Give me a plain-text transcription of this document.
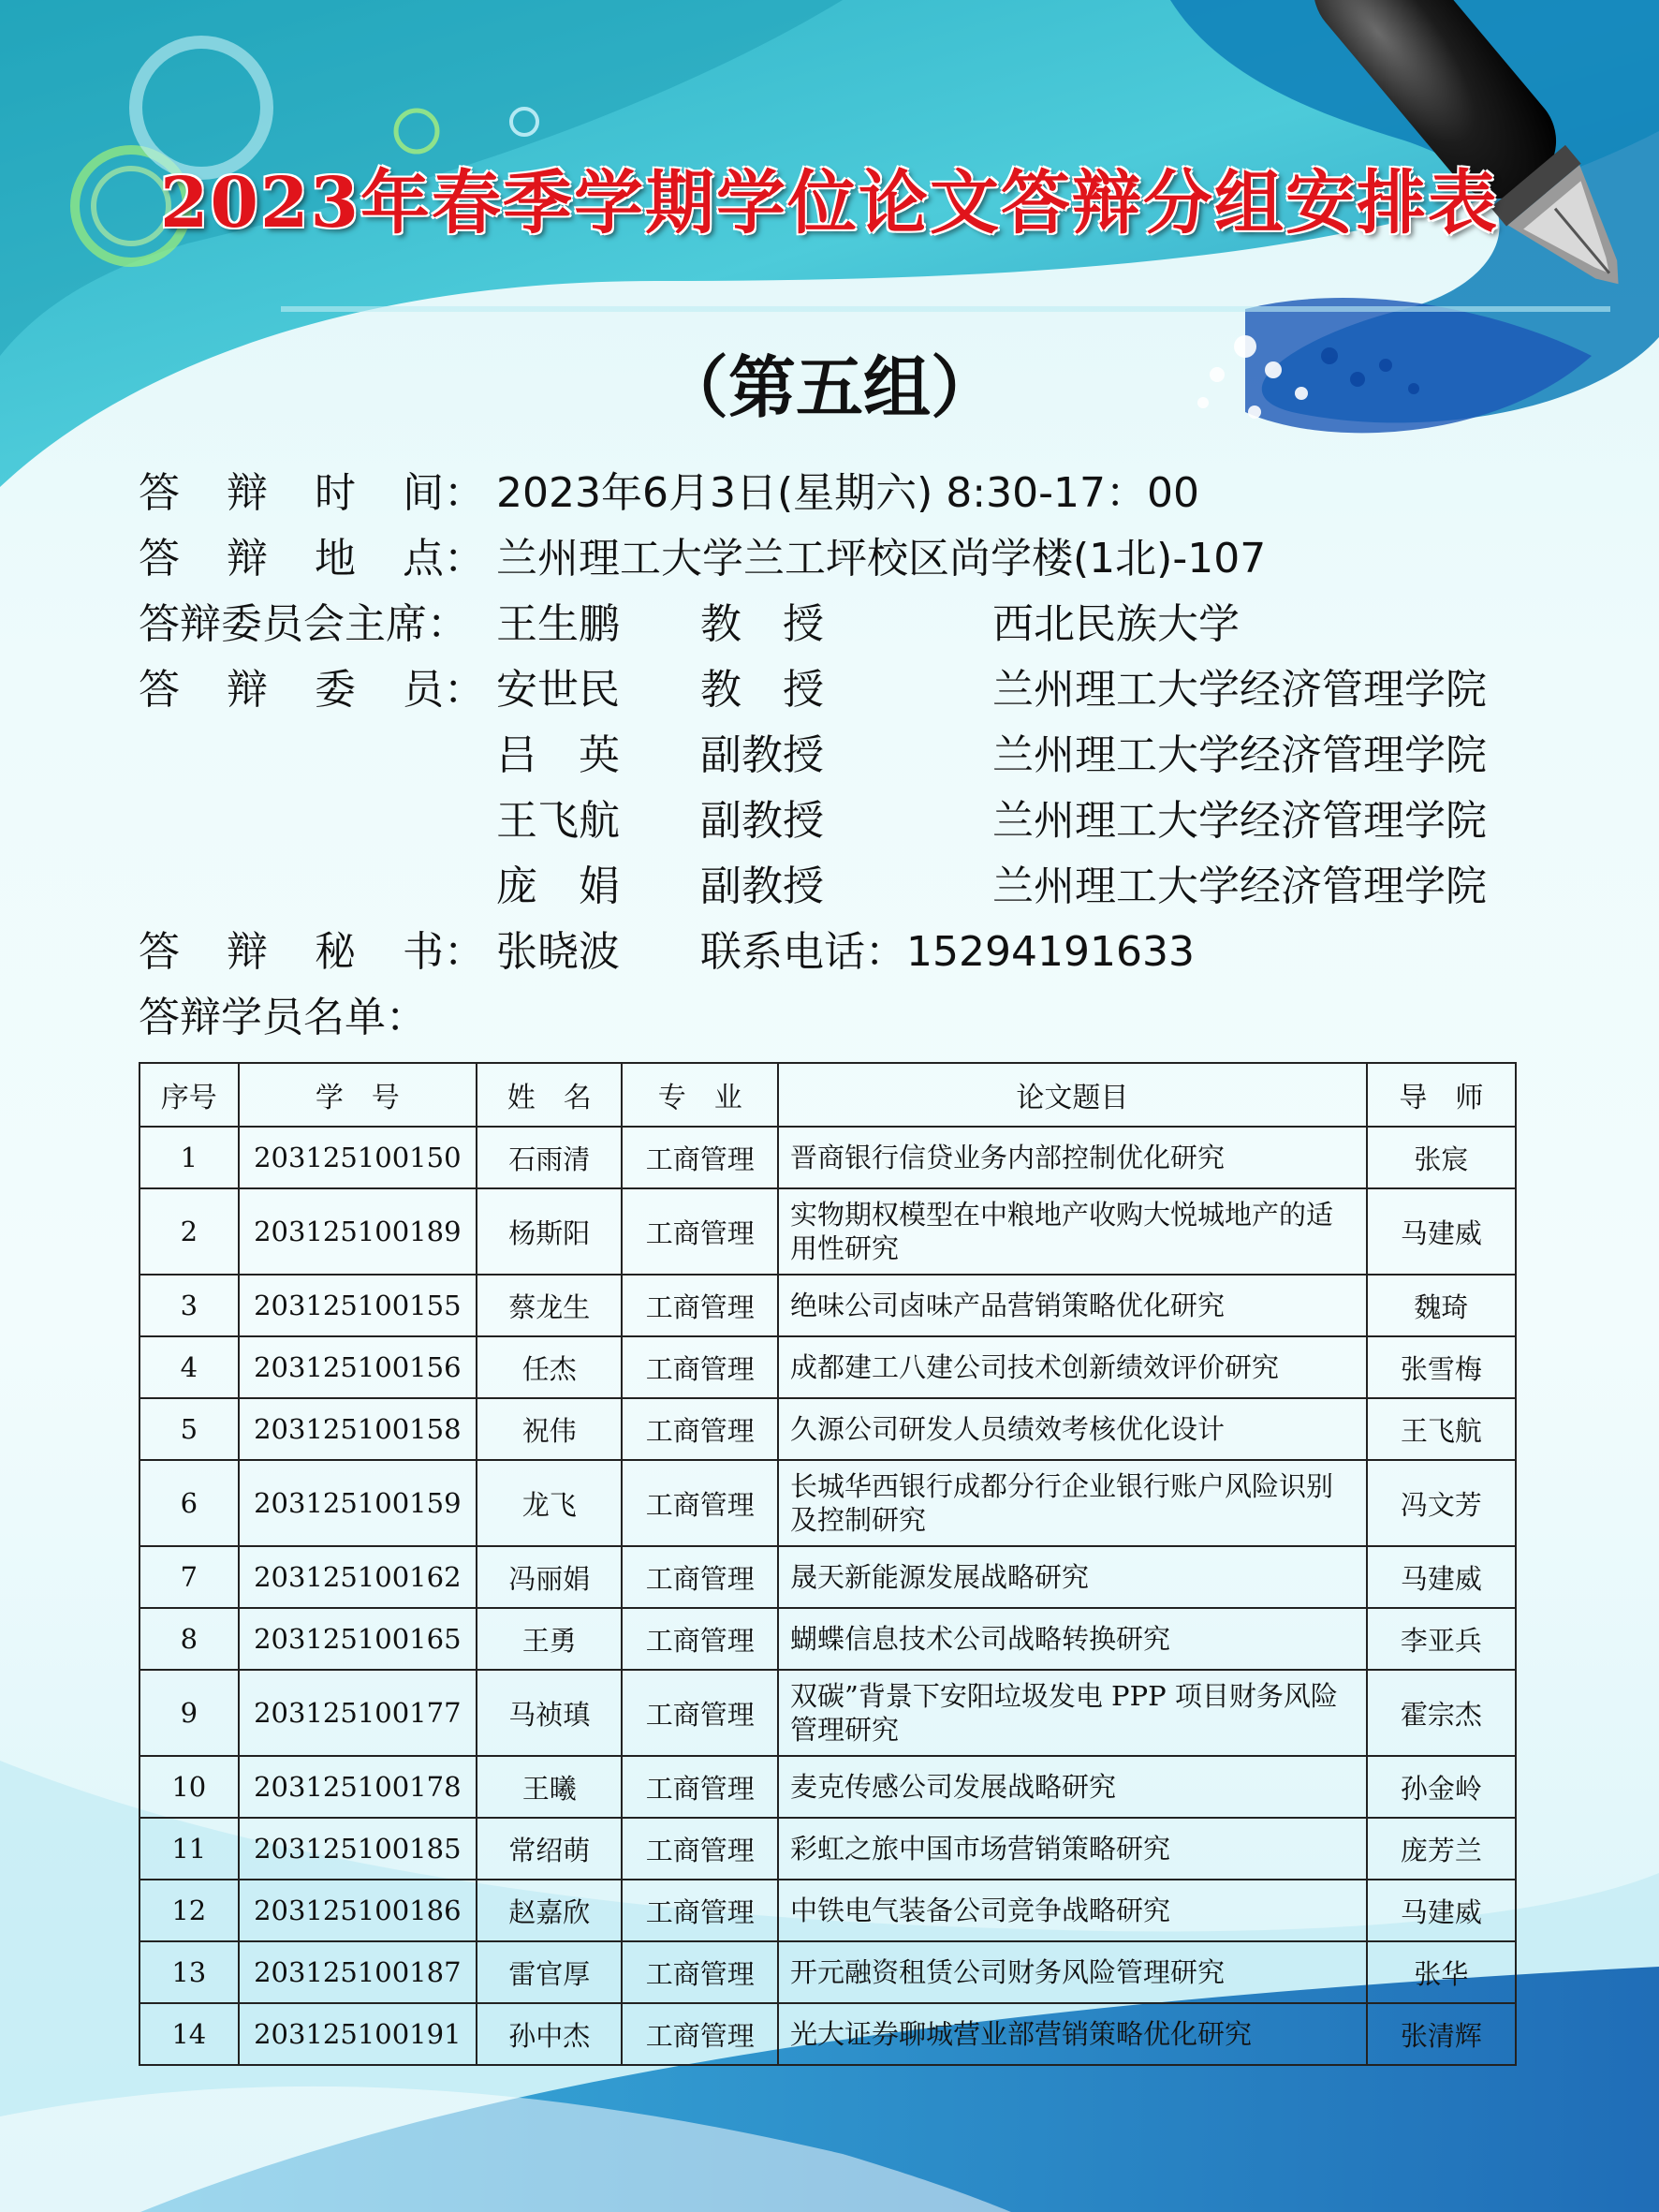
2023年春季学期学位论文答辩分组安排表
（第五组）
答 辩 时 间： 2023年6月3日(星期六) 8:30-17：00
答 辩 地 点： 兰州理工大学兰工坪校区尚学楼(1北)-107
答辩委员会主席： 王生鹏 教　授	西北民族大学
答 辩 委 员： 安世民 教　授	兰州理工大学经济管理学院
吕　英 副教授	兰州理工大学经济管理学院
王飞航 副教授	兰州理工大学经济管理学院
庞　娟 副教授	兰州理工大学经济管理学院
答 辩 秘 书： 张晓波 联系电话：15294191633
答辩学员名单：
序号	学　号	姓　名	专　业	论文题目	导　师
1	203125100150	石雨清	工商管理	晋商银行信贷业务内部控制优化研究	张宸
2	203125100189	杨斯阳	工商管理	实物期权模型在中粮地产收购大悦城地产的适用性研究	马建威
3	203125100155	蔡龙生	工商管理	绝味公司卤味产品营销策略优化研究	魏琦
4	203125100156	任杰	工商管理	成都建工八建公司技术创新绩效评价研究	张雪梅
5	203125100158	祝伟	工商管理	久源公司研发人员绩效考核优化设计	王飞航
6	203125100159	龙飞	工商管理	长城华西银行成都分行企业银行账户风险识别及控制研究	冯文芳
7	203125100162	冯丽娟	工商管理	晟天新能源发展战略研究	马建威
8	203125100165	王勇	工商管理	蝴蝶信息技术公司战略转换研究	李亚兵
9	203125100177	马祯瑱	工商管理	双碳”背景下安阳垃圾发电 PPP 项目财务风险管理研究	霍宗杰
10	203125100178	王曦	工商管理	麦克传感公司发展战略研究	孙金岭
11	203125100185	常绍萌	工商管理	彩虹之旅中国市场营销策略研究	庞芳兰
12	203125100186	赵嘉欣	工商管理	中铁电气装备公司竞争战略研究	马建威
13	203125100187	雷官厚	工商管理	开元融资租赁公司财务风险管理研究	张华
14	203125100191	孙中杰	工商管理	光大证券聊城营业部营销策略优化研究	张清辉
